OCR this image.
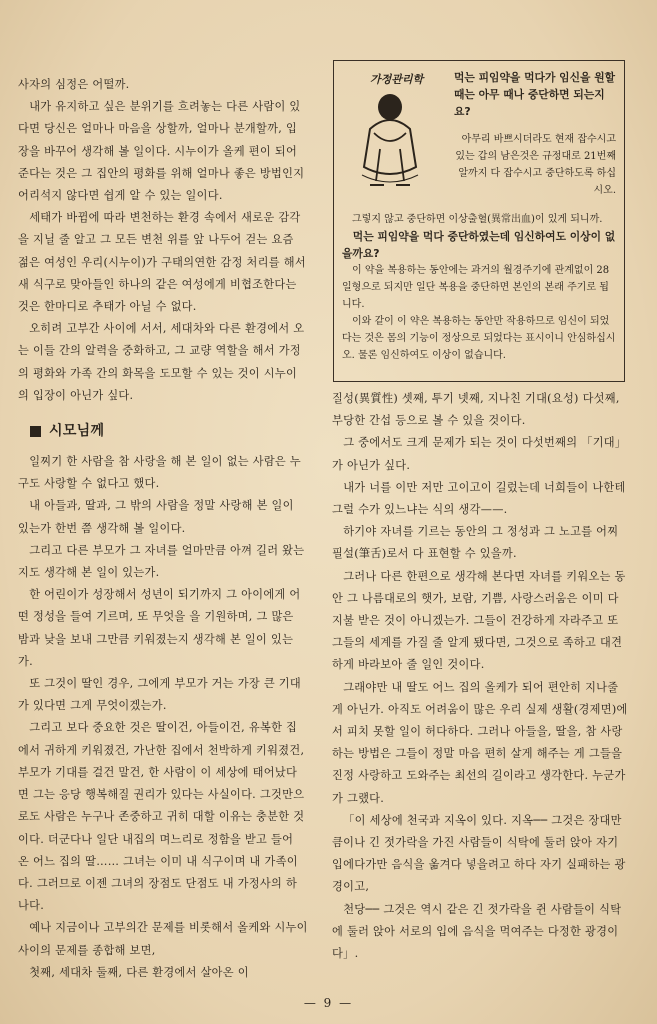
사자의 심정은 어떨까.

내가 유지하고 싶은 분위기를 흐려놓는 다른 사람이 있다면 당신은 얼마나 마음을 상할까, 얼마나 분개할까, 입장을 바꾸어 생각해 볼 일이다. 시누이가 올케 편이 되어 준다는 것은 그 집안의 평화를 위해 얼마나 좋은 방법인지 어리석지 않다면 쉽게 알 수 있는 일이다.

세태가 바뀜에 따라 변천하는 환경 속에서 새로운 감각을 지닐 줄 알고 그 모든 변천 위를 앞 나두어 걷는 요즘 젊은 여성인 우리(시누이)가 구태의연한 감정 처리를 해서 새 식구로 맞아들인 하나의 같은 여성에게 비협조한다는 것은 한마디로 추태가 아닐 수 없다.

오히려 고부간 사이에 서서, 세대차와 다른 환경에서 오는 이들 간의 알력을 중화하고, 그 교량 역할을 해서 가정의 평화와 가족 간의 화목을 도모할 수 있는 것이 시누이의 입장이 아닌가 싶다.

시모님께

일찌기 한 사람을 참 사랑을 해 본 일이 없는 사람은 누구도 사랑할 수 없다고 했다.

내 아들과, 딸과, 그 밖의 사람을 정말 사랑해 본 일이 있는가 한번 쯤 생각해 볼 일이다.

그리고 다른 부모가 그 자녀를 얼마만큼 아껴 길러 왔는지도 생각해 본 일이 있는가.

한 어린이가 성장해서 성년이 되기까지 그 아이에게 어떤 정성을 들여 기르며, 또 무엇을 을 기원하며, 그 많은 밤과 낮을 보내 그만큼 키워졌는지 생각해 본 일이 있는가.

또 그것이 딸인 경우, 그에게 부모가 거는 가장 큰 기대가 있다면 그게 무엇이겠는가.

그리고 보다 중요한 것은 딸이건, 아들이건, 유복한 집에서 귀하게 키워졌건, 가난한 집에서 천박하게 키워졌건, 부모가 기대를 걸건 말건, 한 사람이 이 세상에 태어났다면 그는 응당 행복해질 권리가 있다는 사실이다. 그것만으로도 사람은 누구나 존중하고 귀히 대할 이유는 충분한 것이다. 더군다나 일단 내집의 며느리로 정함을 받고 들어 온 어느 집의 딸…… 그녀는 이미 내 식구이며 내 가족이다. 그러므로 이젠 그녀의 장점도 단점도 내 가정사의 하나다.

예나 지금이나 고부의간 문제를 비롯해서 올케와 시누이 사이의 문제를 종합해 보면,

첫째, 세대차 둘째, 다른 환경에서 살아온 이

가정관리학	먹는 피임약을 먹다가 임신을 원할 때는 아무 때나 중단하면 되는지요?
아무리 바쁘시더라도 현재 잡수시고 있는 갑의 남은것은 규정대로 21번째 알까지 다 잡수시고 중단하도록 하십시오.

그렇지 않고 중단하면 이상출혈(異常出血)이 있게 되니까.

먹는 피임약을 먹다 중단하였는데 임신하여도 이상이 없을까요?

이 약을 복용하는 동안에는 과거의 월경주기에 관계없이 28일형으로 되지만 일단 복용을 중단하면 본인의 본래 주기로 됩니다.

이와 같이 이 약은 복용하는 동안만 작용하므로 임신이 되었다는 것은 몸의 기능이 정상으로 되었다는 표시이니 안심하십시오. 물론 임신하여도 이상이 없습니다.

질성(異質性) 셋째, 투기 넷째, 지나친 기대(요성) 다섯째, 부당한 간섭 등으로 볼 수 있을 것이다.

그 중에서도 크게 문제가 되는 것이 다섯번째의 「기대」가 아닌가 싶다.

내가 너를 이만 저만 고이고이 길렀는데 너희들이 나한테 그럴 수가 있느냐는 식의 생각——.

하기야 자녀를 기르는 동안의 그 정성과 그 노고를 어찌 필설(筆舌)로서 다 표현할 수 있을까.

그러나 다른 한편으로 생각해 본다면 자녀를 키워오는 동안 그 나름대로의 햇가, 보람, 기쁨, 사랑스러움은 이미 다 지불 받은 것이 아니겠는가. 그들이 건강하게 자라주고 또 그들의 세계를 가질 줄 알게 됐다면, 그것으로 족하고 대견하게 바라보아 줄 일인 것이다.

그래야만 내 딸도 어느 집의 올케가 되어 편안히 지나줄게 아닌가. 아직도 어려움이 많은 우리 실제 생활(경제면)에서 피치 못할 일이 허다하다. 그러나 아들을, 딸을, 참 사랑하는 방법은 그들이 정말 마음 편히 살게 해주는 게 그들을 진정 사랑하고 도와주는 최선의 길이라고 생각한다. 누군가가 그랬다.

「이 세상에 천국과 지옥이 있다. 지옥── 그것은 장대만큼이나 긴 젓가락을 가진 사람들이 식탁에 둘러 앉아 자기 입에다가만 음식을 옮겨다 넣을려고 하다 자기 실패하는 광경이고,

천당── 그것은 역시 같은 긴 젓가락을 쥔 사람들이 식탁에 둘러 앉아 서로의 입에 음식을 먹여주는 다정한 광경이다」.

— 9 —
